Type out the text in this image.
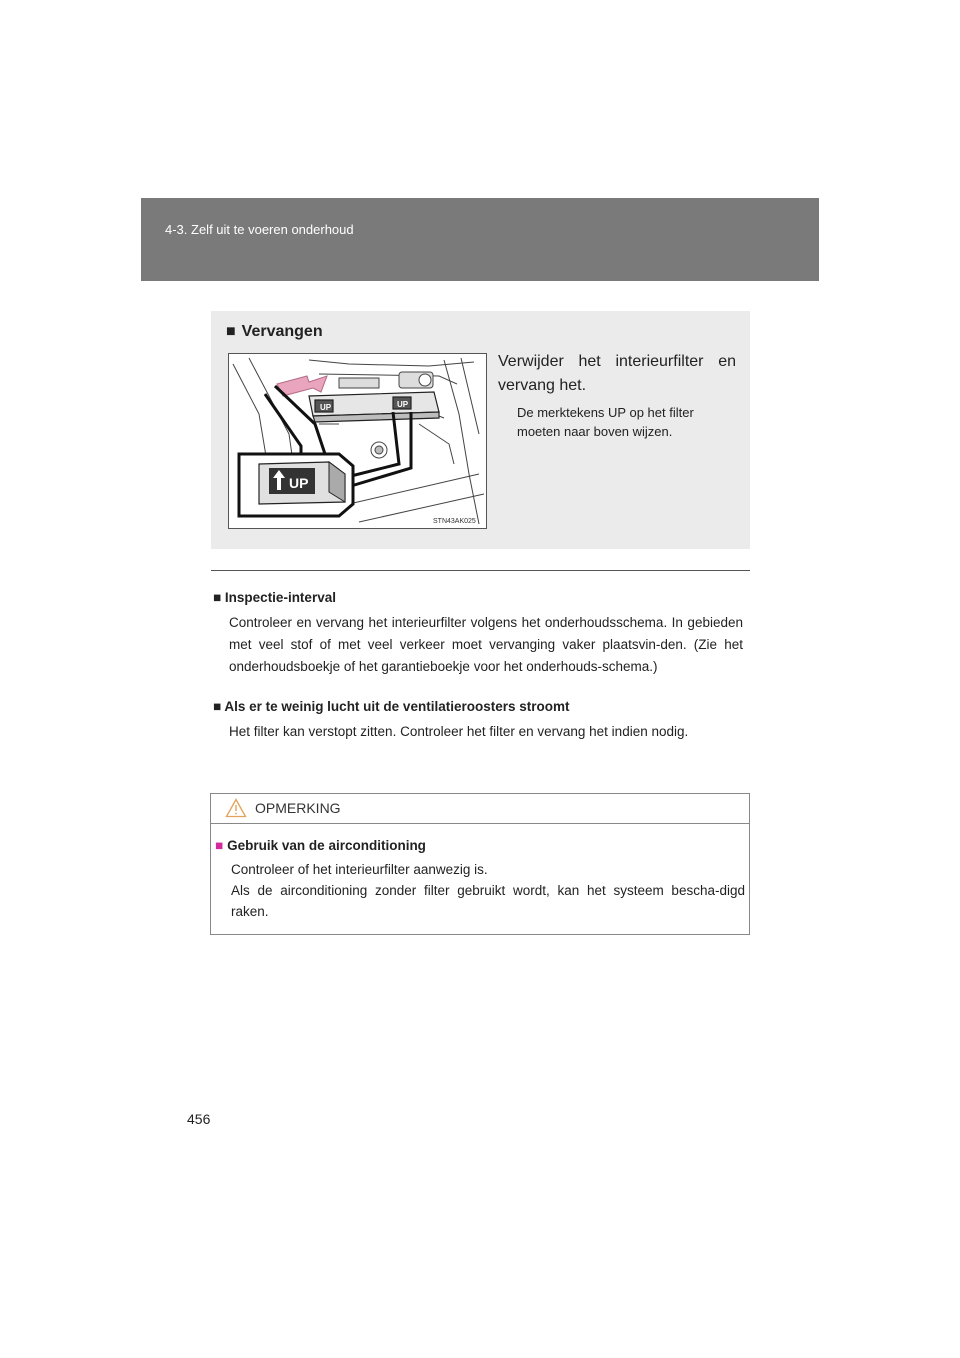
4-3. Zelf uit te voeren onderhoud
■ Vervangen
UP	UP
UP
STN43AK025
Verwijder het interieurfilter en vervang het.
De merktekens UP op het filter moeten naar boven wijzen.
■ Inspectie-interval
Controleer en vervang het interieurfilter volgens het onderhoudsschema. In gebieden met veel stof of met veel verkeer moet vervanging vaker plaatsvin-den. (Zie het onderhoudsboekje of het garantieboekje voor het onderhouds-schema.)
■ Als er te weinig lucht uit de ventilatieroosters stroomt
Het filter kan verstopt zitten. Controleer het filter en vervang het indien nodig.
OPMERKING
■ Gebruik van de airconditioning
Controleer of het interieurfilter aanwezig is.
Als de airconditioning zonder filter gebruikt wordt, kan het systeem bescha-digd raken.
456
